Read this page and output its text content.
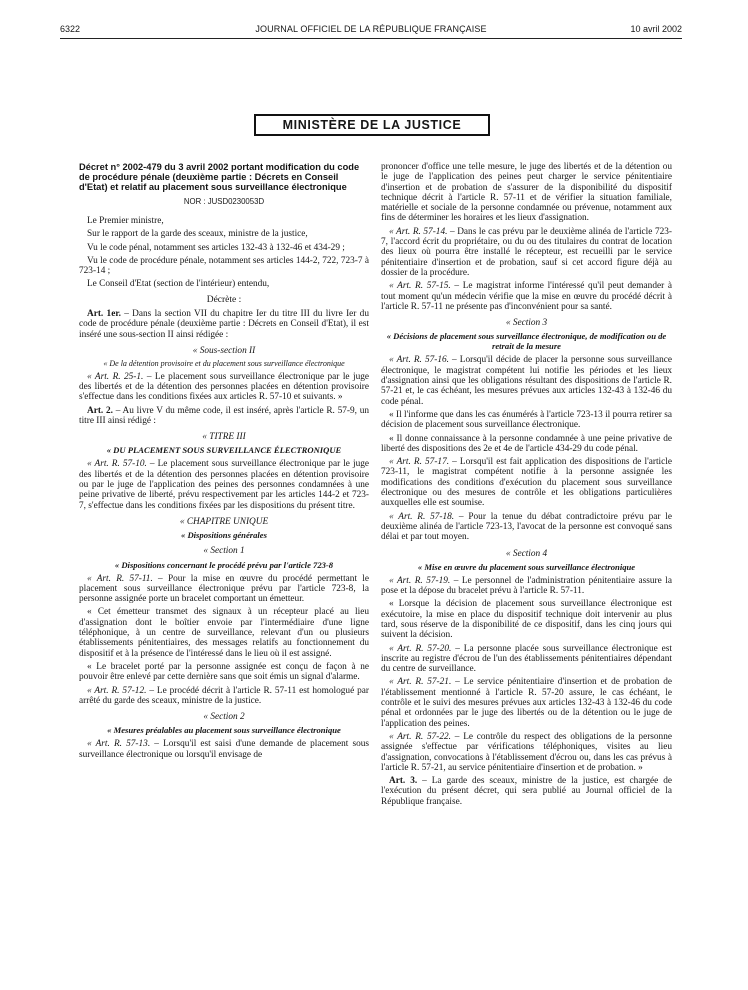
6322	JOURNAL OFFICIEL DE LA RÉPUBLIQUE FRANÇAISE	10 avril 2002
MINISTÈRE DE LA JUSTICE
Décret n° 2002-479 du 3 avril 2002 portant modification du code de procédure pénale (deuxième partie : Décrets en Conseil d'Etat) et relatif au placement sous surveillance électronique
NOR : JUSD0230053D

Le Premier ministre,

Sur le rapport de la garde des sceaux, ministre de la justice,

Vu le code pénal, notamment ses articles 132-43 à 132-46 et 434-29 ;

Vu le code de procédure pénale, notamment ses articles 144-2, 722, 723-7 à 723-14 ;

Le Conseil d'Etat (section de l'intérieur) entendu,

Décrète :

Art. 1er. – Dans la section VII du chapitre Ier du titre III du livre Ier du code de procédure pénale (deuxième partie : Décrets en Conseil d'Etat), il est inséré une sous-section II ainsi rédigée :

« Sous-section II
« De la détention provisoire et du placement sous surveillance électronique

« Art. R. 25-1. – Le placement sous surveillance électronique par le juge des libertés et de la détention des personnes placées en détention provisoire s'effectue dans les conditions fixées aux articles R. 57-10 et suivants. »

Art. 2. – Au livre V du même code, il est inséré, après l'article R. 57-9, un titre III ainsi rédigé :

« TITRE III
« DU PLACEMENT SOUS SURVEILLANCE ÉLECTRONIQUE

« Art. R. 57-10. – Le placement sous surveillance électronique par le juge des libertés et de la détention des personnes placées en détention provisoire ou par le juge de l'application des peines des personnes condamnées à une peine privative de liberté, prévu respectivement par les articles 144-2 et 723-7, s'effectue dans les conditions fixées par les dispositions du présent titre.

« CHAPITRE UNIQUE
« Dispositions générales
« Section 1
« Dispositions concernant le procédé prévu par l'article 723-8

« Art. R. 57-11. – Pour la mise en œuvre du procédé permettant le placement sous surveillance électronique prévu par l'article 723-8, la personne assignée porte un bracelet comportant un émetteur.

« Cet émetteur transmet des signaux à un récepteur placé au lieu d'assignation dont le boîtier envoie par l'intermédiaire d'une ligne téléphonique, à un centre de surveillance, relevant d'un ou plusieurs établissements pénitentiaires, des messages relatifs au fonctionnement du dispositif et à la présence de l'intéressé dans le lieu où il est assigné.

« Le bracelet porté par la personne assignée est conçu de façon à ne pouvoir être enlevé par cette dernière sans que soit émis un signal d'alarme.

« Art. R. 57-12. – Le procédé décrit à l'article R. 57-11 est homologué par arrêté du garde des sceaux, ministre de la justice.

« Section 2
« Mesures préalables au placement sous surveillance électronique

« Art. R. 57-13. – Lorsqu'il est saisi d'une demande de placement sous surveillance électronique ou lorsqu'il envisage de

prononcer d'office une telle mesure, le juge des libertés et de la détention ou le juge de l'application des peines peut charger le service pénitentiaire d'insertion et de probation de s'assurer de la disponibilité du dispositif technique décrit à l'article R. 57-11 et de vérifier la situation familiale, matérielle et sociale de la personne condamnée ou prévenue, notamment aux fins de déterminer les horaires et les lieux d'assignation.

« Art. R. 57-14. – Dans le cas prévu par le deuxième alinéa de l'article 723-7, l'accord écrit du propriétaire, ou du ou des titulaires du contrat de location des lieux où pourra être installé le récepteur, est recueilli par le service pénitentiaire d'insertion et de probation, sauf si cet accord figure déjà au dossier de la procédure.

« Art. R. 57-15. – Le magistrat informe l'intéressé qu'il peut demander à tout moment qu'un médecin vérifie que la mise en œuvre du procédé décrit à l'article R. 57-11 ne présente pas d'inconvénient pour sa santé.

« Section 3
« Décisions de placement sous surveillance électronique, de modification ou de retrait de la mesure

« Art. R. 57-16. – Lorsqu'il décide de placer la personne sous surveillance électronique, le magistrat compétent lui notifie les périodes et les lieux d'assignation ainsi que les obligations résultant des dispositions de l'article R. 57-21 et, le cas échéant, les mesures prévues aux articles 132-43 à 132-46 du code pénal.

« Il l'informe que dans les cas énumérés à l'article 723-13 il pourra retirer sa décision de placement sous surveillance électronique.

« Il donne connaissance à la personne condamnée à une peine privative de liberté des dispositions des 2e et 4e de l'article 434-29 du code pénal.

« Art. R. 57-17. – Lorsqu'il est fait application des dispositions de l'article 723-11, le magistrat compétent notifie à la personne assignée les modifications des conditions d'exécution du placement sous surveillance électronique ou des mesures de contrôle et les obligations particulières auxquelles elle est soumise.

« Art. R. 57-18. – Pour la tenue du débat contradictoire prévu par le deuxième alinéa de l'article 723-13, l'avocat de la personne est convoqué sans délai et par tout moyen.

« Section 4
« Mise en œuvre du placement sous surveillance électronique

« Art. R. 57-19. – Le personnel de l'administration pénitentiaire assure la pose et la dépose du bracelet prévu à l'article R. 57-11.

« Lorsque la décision de placement sous surveillance électronique est exécutoire, la mise en place du dispositif technique doit intervenir au plus tard, sous réserve de la disponibilité de ce dispositif, dans les cinq jours qui suivent la décision.

« Art. R. 57-20. – La personne placée sous surveillance électronique est inscrite au registre d'écrou de l'un des établissements pénitentiaires dépendant du centre de surveillance.

« Art. R. 57-21. – Le service pénitentiaire d'insertion et de probation de l'établissement mentionné à l'article R. 57-20 assure, le cas échéant, le contrôle et le suivi des mesures prévues aux articles 132-43 à 132-46 du code pénal et ordonnées par le juge des libertés ou de la détention ou le juge de l'application des peines.

« Art. R. 57-22. – Le contrôle du respect des obligations de la personne assignée s'effectue par vérifications téléphoniques, visites au lieu d'assignation, convocations à l'établissement d'écrou ou, dans les cas prévus à l'article R. 57-21, au service pénitentiaire d'insertion et de probation. »

Art. 3. – La garde des sceaux, ministre de la justice, est chargée de l'exécution du présent décret, qui sera publié au Journal officiel de la République française.
